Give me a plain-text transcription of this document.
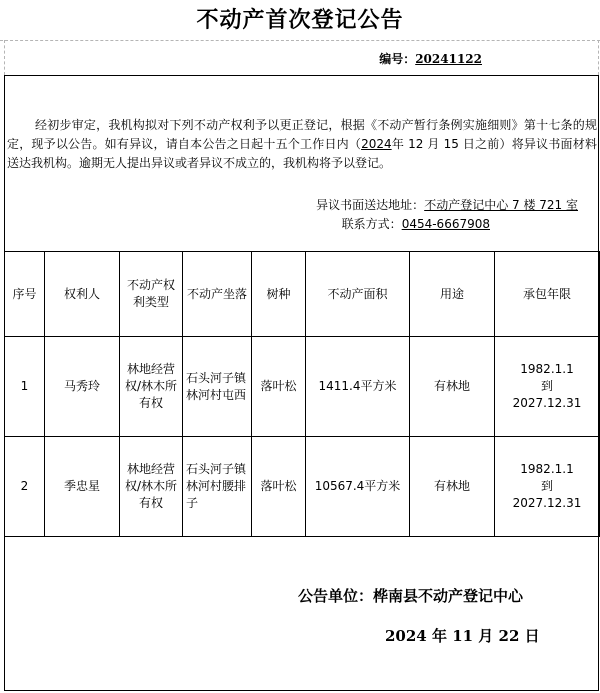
不动产首次登记公告
编号：20241122
经初步审定，我机构拟对下列不动产权利予以更正登记，根据《不动产暂行条例实施细则》第十七条的规定，现予以公告。如有异议，请自本公告之日起十五个工作日内（2024年 12 月 15 日之前）将异议书面材料送达我机构。逾期无人提出异议或者异议不成立的，我机构将予以登记。
异议书面送达地址：不动产登记中心 7 楼 721 室
联系方式：0454-6667908
序号	权利人	不动产权利类型	不动产坐落	树种	不动产面积	用途	承包年限
1	马秀玲	林地经营权/林木所有权	石头河子镇林河村屯西	落叶松	1411.4平方米	有林地	1982.1.1
到
2027.12.31

2	季忠星	林地经营权/林木所有权	石头河子镇林河村腰排子	落叶松	10567.4平方米	有林地	1982.1.1
到
2027.12.31
公告单位：桦南县不动产登记中心
2024 年 11 月 22 日
